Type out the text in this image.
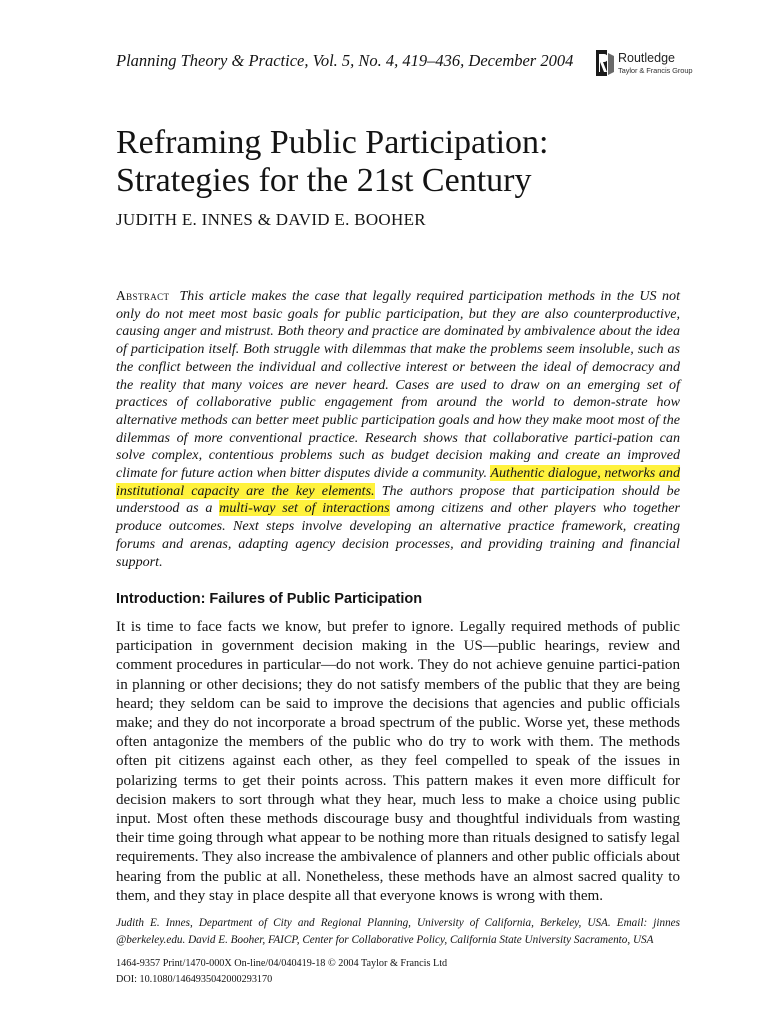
Planning Theory & Practice, Vol. 5, No. 4, 419–436, December 2004	Routledge
Taylor & Francis Group
Reframing Public Participation:
Strategies for the 21st Century
JUDITH E. INNES & DAVID E. BOOHER
Abstract This article makes the case that legally required participation methods in the US not only do not meet most basic goals for public participation, but they are also counterproductive, causing anger and mistrust. Both theory and practice are dominated by ambivalence about the idea of participation itself. Both struggle with dilemmas that make the problems seem insoluble, such as the conflict between the individual and collective interest or between the ideal of democracy and the reality that many voices are never heard. Cases are used to draw on an emerging set of practices of collaborative public engagement from around the world to demon-strate how alternative methods can better meet public participation goals and how they make moot most of the dilemmas of more conventional practice. Research shows that collaborative partici-pation can solve complex, contentious problems such as budget decision making and create an improved climate for future action when bitter disputes divide a community. Authentic dialogue, networks and institutional capacity are the key elements. The authors propose that participation should be understood as a multi-way set of interactions among citizens and other players who together produce outcomes. Next steps involve developing an alternative practice framework, creating forums and arenas, adapting agency decision processes, and providing training and financial support.
Introduction: Failures of Public Participation

It is time to face facts we know, but prefer to ignore. Legally required methods of public participation in government decision making in the US—public hearings, review and comment procedures in particular—do not work. They do not achieve genuine partici-pation in planning or other decisions; they do not satisfy members of the public that they are being heard; they seldom can be said to improve the decisions that agencies and public officials make; and they do not incorporate a broad spectrum of the public. Worse yet, these methods often antagonize the members of the public who do try to work with them. The methods often pit citizens against each other, as they feel compelled to speak of the issues in polarizing terms to get their points across. This pattern makes it even more difficult for decision makers to sort through what they hear, much less to make a choice using public input. Most often these methods discourage busy and thoughtful individuals from wasting their time going through what appear to be nothing more than rituals designed to satisfy legal requirements. They also increase the ambivalence of planners and other public officials about hearing from the public at all. Nonetheless, these methods have an almost sacred quality to them, and they stay in place despite all that everyone knows is wrong with them.

Judith E. Innes, Department of City and Regional Planning, University of California, Berkeley, USA. Email: jinnes @berkeley.edu. David E. Booher, FAICP, Center for Collaborative Policy, California State University Sacramento, USA

1464-9357 Print/1470-000X On-line/04/040419-18 © 2004 Taylor & Francis Ltd
DOI: 10.1080/1464935042000293170
